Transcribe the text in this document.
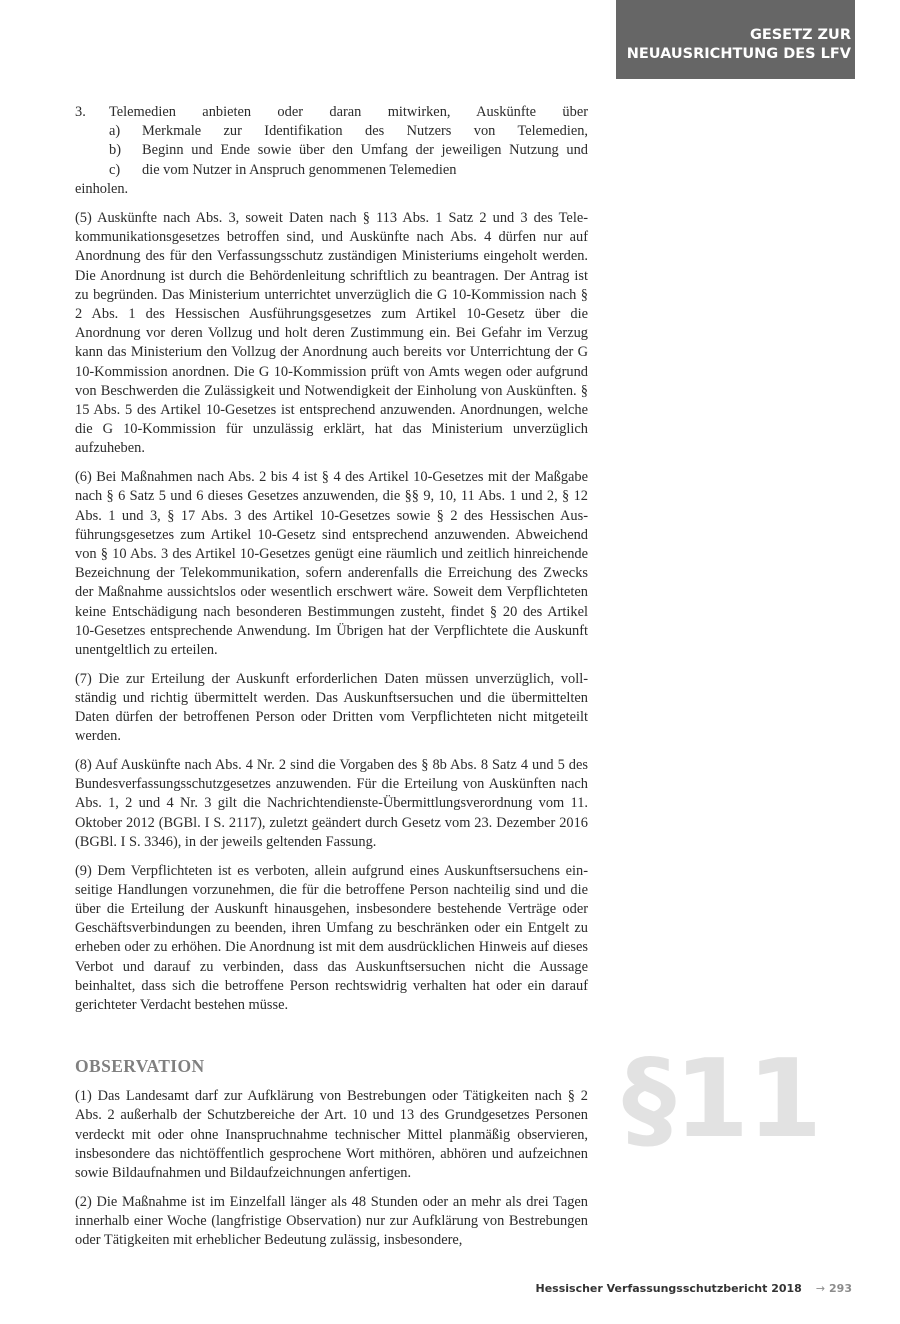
GESETZ ZUR
NEUAUSRICHTUNG DES LFV
3.	Telemedien anbieten oder daran mitwirken, Auskünfte über
a)	Merkmale zur Identifikation des Nutzers von Telemedien,
b)	Beginn und Ende sowie über den Umfang der jeweiligen Nutzung und
c)	die vom Nutzer in Anspruch genommenen Telemedien
einholen.

(5) Auskünfte nach Abs. 3, soweit Daten nach § 113 Abs. 1 Satz 2 und 3 des Telekommunikationsgesetzes betroffen sind, und Auskünfte nach Abs. 4 dürfen nur auf Anordnung des für den Verfassungsschutz zuständigen Ministeriums eingeholt werden. Die Anordnung ist durch die Behördenleitung schriftlich zu beantragen. Der Antrag ist zu begründen. Das Ministerium unterrichtet unverzüglich die G 10-Kommission nach § 2 Abs. 1 des Hessischen Ausführungsgesetzes zum Artikel 10-Gesetz über die Anordnung vor deren Vollzug und holt deren Zustimmung ein. Bei Gefahr im Verzug kann das Ministerium den Vollzug der Anordnung auch bereits vor Unterrichtung der G 10-Kommission anordnen. Die G 10-Kommission prüft von Amts wegen oder aufgrund von Beschwerden die Zulässigkeit und Notwendigkeit der Einholung von Auskünften. § 15 Abs. 5 des Artikel 10-Gesetzes ist entsprechend anzuwenden. Anordnungen, welche die G 10-Kommission für unzulässig erklärt, hat das Ministerium unverzüglich aufzuheben.

(6) Bei Maßnahmen nach Abs. 2 bis 4 ist § 4 des Artikel 10-Gesetzes mit der Maßgabe nach § 6 Satz 5 und 6 dieses Gesetzes anzuwenden, die §§ 9, 10, 11 Abs. 1 und 2, § 12 Abs. 1 und 3, § 17 Abs. 3 des Artikel 10-Gesetzes sowie § 2 des Hessischen Ausführungsgesetzes zum Artikel 10-Gesetz sind entsprechend anzuwenden. Abweichend von § 10 Abs. 3 des Artikel 10-Gesetzes genügt eine räumlich und zeitlich hinreichende Bezeichnung der Telekommunikation, sofern anderenfalls die Erreichung des Zwecks der Maßnahme aussichtslos oder wesentlich erschwert wäre. Soweit dem Verpflichteten keine Entschädigung nach besonderen Bestimmungen zusteht, findet § 20 des Artikel 10-Gesetzes entsprechende Anwendung. Im Übrigen hat der Verpflichtete die Auskunft unentgeltlich zu erteilen.

(7) Die zur Erteilung der Auskunft erforderlichen Daten müssen unverzüglich, vollständig und richtig übermittelt werden. Das Auskunftsersuchen und die übermittelten Daten dürfen der betroffenen Person oder Dritten vom Verpflichteten nicht mitgeteilt werden.

(8) Auf Auskünfte nach Abs. 4 Nr. 2 sind die Vorgaben des § 8b Abs. 8 Satz 4 und 5 des Bundesverfassungsschutzgesetzes anzuwenden. Für die Erteilung von Auskünften nach Abs. 1, 2 und 4 Nr. 3 gilt die Nachrichtendienste-Übermittlungsverordnung vom 11. Oktober 2012 (BGBl. I S. 2117), zuletzt geändert durch Gesetz vom 23. Dezember 2016 (BGBl. I S. 3346), in der jeweils geltenden Fassung.

(9) Dem Verpflichteten ist es verboten, allein aufgrund eines Auskunftsersuchens einseitige Handlungen vorzunehmen, die für die betroffene Person nachteilig sind und die über die Erteilung der Auskunft hinausgehen, insbesondere bestehende Verträge oder Geschäftsverbindungen zu beenden, ihren Umfang zu beschränken oder ein Entgelt zu erheben oder zu erhöhen. Die Anordnung ist mit dem ausdrücklichen Hinweis auf dieses Verbot und darauf zu verbinden, dass das Auskunftsersuchen nicht die Aussage beinhaltet, dass sich die betroffene Person rechtswidrig verhalten hat oder ein darauf gerichteter Verdacht bestehen müsse.

OBSERVATION

(1) Das Landesamt darf zur Aufklärung von Bestrebungen oder Tätigkeiten nach § 2 Abs. 2 außerhalb der Schutzbereiche der Art. 10 und 13 des Grundgesetzes Personen verdeckt mit oder ohne Inanspruchnahme technischer Mittel planmäßig observieren, insbesondere das nichtöffentlich gesprochene Wort mithören, abhören und aufzeichnen sowie Bildaufnahmen und Bildaufzeichnungen anfertigen.

(2) Die Maßnahme ist im Einzelfall länger als 48 Stunden oder an mehr als drei Tagen innerhalb einer Woche (langfristige Observation) nur zur Aufklärung von Bestrebungen oder Tätigkeiten mit erheblicher Bedeutung zulässig, insbesondere,

§11
Hessischer Verfassungsschutzbericht 2018 → 293
